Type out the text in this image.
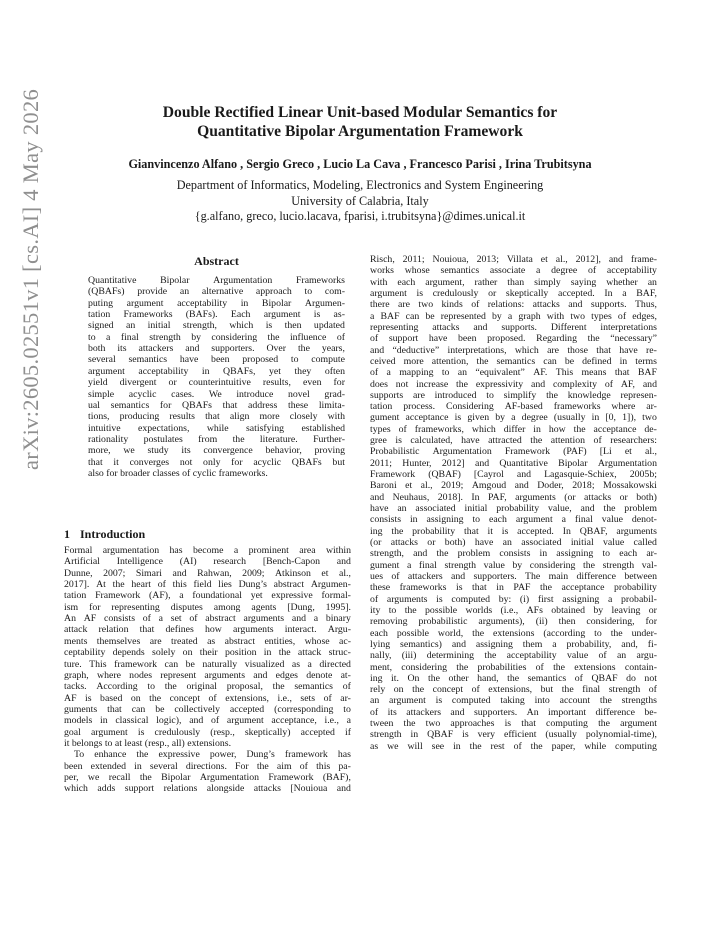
arXiv:2605.02551v1 [cs.AI] 4 May 2026	Double Rectified Linear Unit-based Modular Semantics for
Quantitative Bipolar Argumentation Framework
Gianvincenzo Alfano , Sergio Greco , Lucio La Cava , Francesco Parisi , Irina Trubitsyna
Department of Informatics, Modeling, Electronics and System Engineering
University of Calabria, Italy
{g.alfano, greco, lucio.lacava, fparisi, i.trubitsyna}@dimes.unical.it
Abstract
Quantitative Bipolar Argumentation Frameworks
(QBAFs) provide an alternative approach to com-
puting argument acceptability in Bipolar Argumen-
tation Frameworks (BAFs). Each argument is as-
signed an initial strength, which is then updated
to a final strength by considering the influence of
both its attackers and supporters. Over the years,
several semantics have been proposed to compute
argument acceptability in QBAFs, yet they often
yield divergent or counterintuitive results, even for
simple acyclic cases. We introduce novel grad-
ual semantics for QBAFs that address these limita-
tions, producing results that align more closely with
intuitive expectations, while satisfying established
rationality postulates from the literature. Further-
more, we study its convergence behavior, proving
that it converges not only for acyclic QBAFs but
also for broader classes of cyclic frameworks.
1 Introduction
Formal argumentation has become a prominent area within
Artificial Intelligence (AI) research [Bench-Capon and
Dunne, 2007; Simari and Rahwan, 2009; Atkinson et al.,
2017]. At the heart of this field lies Dung’s abstract Argumen-
tation Framework (AF), a foundational yet expressive formal-
ism for representing disputes among agents [Dung, 1995].
An AF consists of a set of abstract arguments and a binary
attack relation that defines how arguments interact. Argu-
ments themselves are treated as abstract entities, whose ac-
ceptability depends solely on their position in the attack struc-
ture. This framework can be naturally visualized as a directed
graph, where nodes represent arguments and edges denote at-
tacks. According to the original proposal, the semantics of
AF is based on the concept of extensions, i.e., sets of ar-
guments that can be collectively accepted (corresponding to
models in classical logic), and of argument acceptance, i.e., a
goal argument is credulously (resp., skeptically) accepted if
it belongs to at least (resp., all) extensions.
To enhance the expressive power, Dung’s framework has
been extended in several directions. For the aim of this pa-
per, we recall the Bipolar Argumentation Framework (BAF),
which adds support relations alongside attacks [Nouioua and
Risch, 2011; Nouioua, 2013; Villata et al., 2012], and frame-
works whose semantics associate a degree of acceptability
with each argument, rather than simply saying whether an
argument is credulously or skeptically accepted. In a BAF,
there are two kinds of relations: attacks and supports. Thus,
a BAF can be represented by a graph with two types of edges,
representing attacks and supports. Different interpretations
of support have been proposed. Regarding the “necessary”
and “deductive” interpretations, which are those that have re-
ceived more attention, the semantics can be defined in terms
of a mapping to an “equivalent” AF. This means that BAF
does not increase the expressivity and complexity of AF, and
supports are introduced to simplify the knowledge represen-
tation process. Considering AF-based frameworks where ar-
gument acceptance is given by a degree (usually in [0, 1]), two
types of frameworks, which differ in how the acceptance de-
gree is calculated, have attracted the attention of researchers:
Probabilistic Argumentation Framework (PAF) [Li et al.,
2011; Hunter, 2012] and Quantitative Bipolar Argumentation
Framework (QBAF) [Cayrol and Lagasquie-Schiex, 2005b;
Baroni et al., 2019; Amgoud and Doder, 2018; Mossakowski
and Neuhaus, 2018]. In PAF, arguments (or attacks or both)
have an associated initial probability value, and the problem
consists in assigning to each argument a final value denot-
ing the probability that it is accepted. In QBAF, arguments
(or attacks or both) have an associated initial value called
strength, and the problem consists in assigning to each ar-
gument a final strength value by considering the strength val-
ues of attackers and supporters. The main difference between
these frameworks is that in PAF the acceptance probability
of arguments is computed by: (i) first assigning a probabil-
ity to the possible worlds (i.e., AFs obtained by leaving or
removing probabilistic arguments), (ii) then considering, for
each possible world, the extensions (according to the under-
lying semantics) and assigning them a probability, and, fi-
nally, (iii) determining the acceptability value of an argu-
ment, considering the probabilities of the extensions contain-
ing it. On the other hand, the semantics of QBAF do not
rely on the concept of extensions, but the final strength of
an argument is computed taking into account the strengths
of its attackers and supporters. An important difference be-
tween the two approaches is that computing the argument
strength in QBAF is very efficient (usually polynomial-time),
as we will see in the rest of the paper, while computing
